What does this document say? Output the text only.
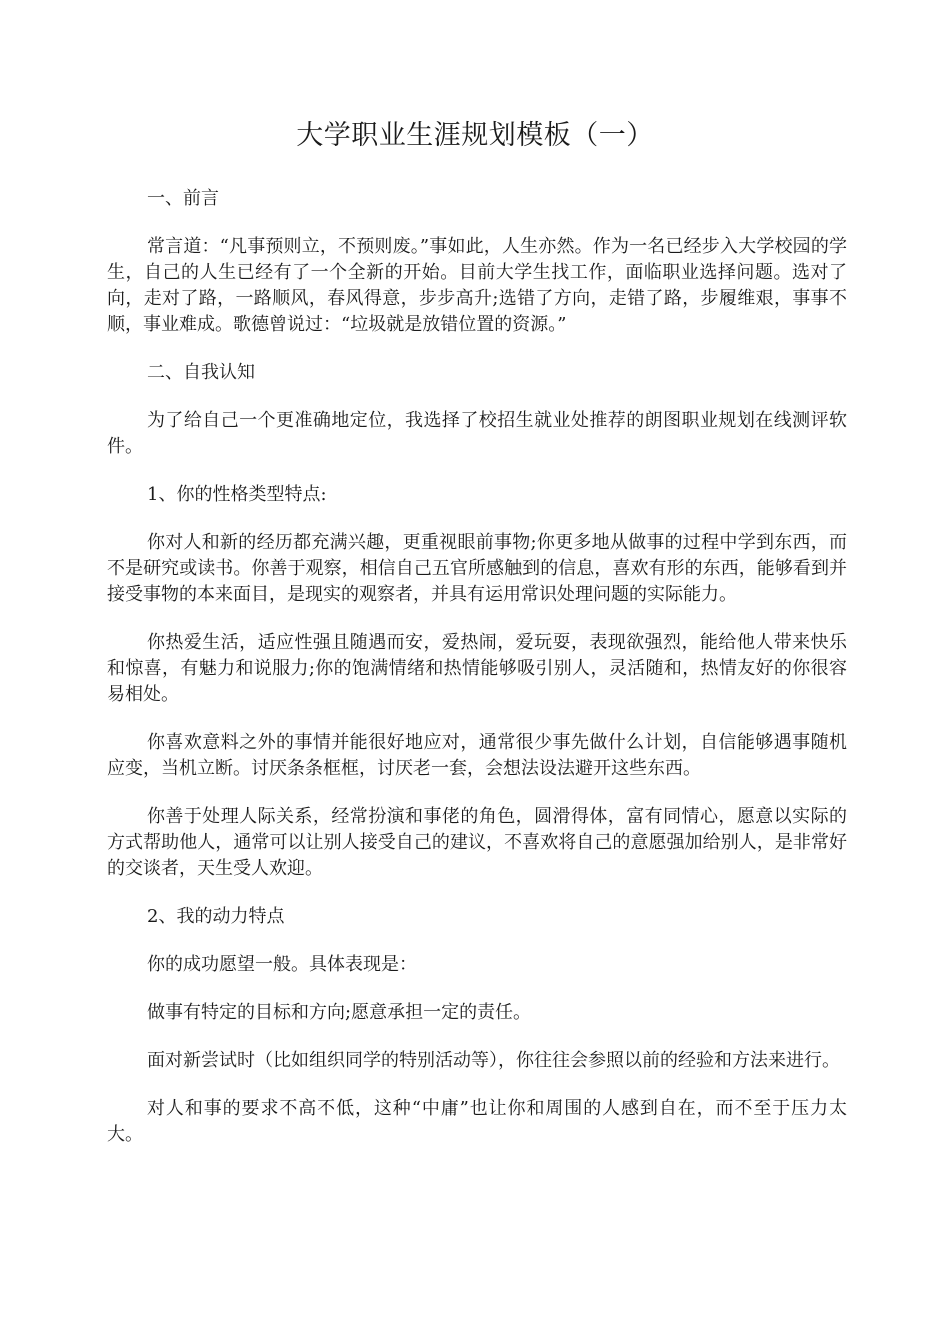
大学职业生涯规划模板（一）

一、前言

常言道：“凡事预则立，不预则废。”事如此，人生亦然。作为一名已经步入大学校园的学生，自己的人生已经有了一个全新的开始。目前大学生找工作，面临职业选择问题。选对了向，走对了路，一路顺风，春风得意，步步高升;选错了方向，走错了路，步履维艰，事事不顺，事业难成。歌德曾说过：“垃圾就是放错位置的资源。”

二、自我认知

为了给自己一个更准确地定位，我选择了校招生就业处推荐的朗图职业规划在线测评软件。

1、你的性格类型特点:

你对人和新的经历都充满兴趣，更重视眼前事物;你更多地从做事的过程中学到东西，而不是研究或读书。你善于观察，相信自己五官所感触到的信息，喜欢有形的东西，能够看到并接受事物的本来面目，是现实的观察者，并具有运用常识处理问题的实际能力。

你热爱生活，适应性强且随遇而安，爱热闹，爱玩耍，表现欲强烈，能给他人带来快乐和惊喜，有魅力和说服力;你的饱满情绪和热情能够吸引别人，灵活随和，热情友好的你很容易相处。

你喜欢意料之外的事情并能很好地应对，通常很少事先做什么计划，自信能够遇事随机应变，当机立断。讨厌条条框框，讨厌老一套，会想法设法避开这些东西。

你善于处理人际关系，经常扮演和事佬的角色，圆滑得体，富有同情心，愿意以实际的方式帮助他人，通常可以让别人接受自己的建议，不喜欢将自己的意愿强加给别人，是非常好的交谈者，天生受人欢迎。

2、我的动力特点

你的成功愿望一般。具体表现是：

做事有特定的目标和方向;愿意承担一定的责任。

面对新尝试时（比如组织同学的特别活动等），你往往会参照以前的经验和方法来进行。

对人和事的要求不高不低，这种“中庸”也让你和周围的人感到自在，而不至于压力太大。
